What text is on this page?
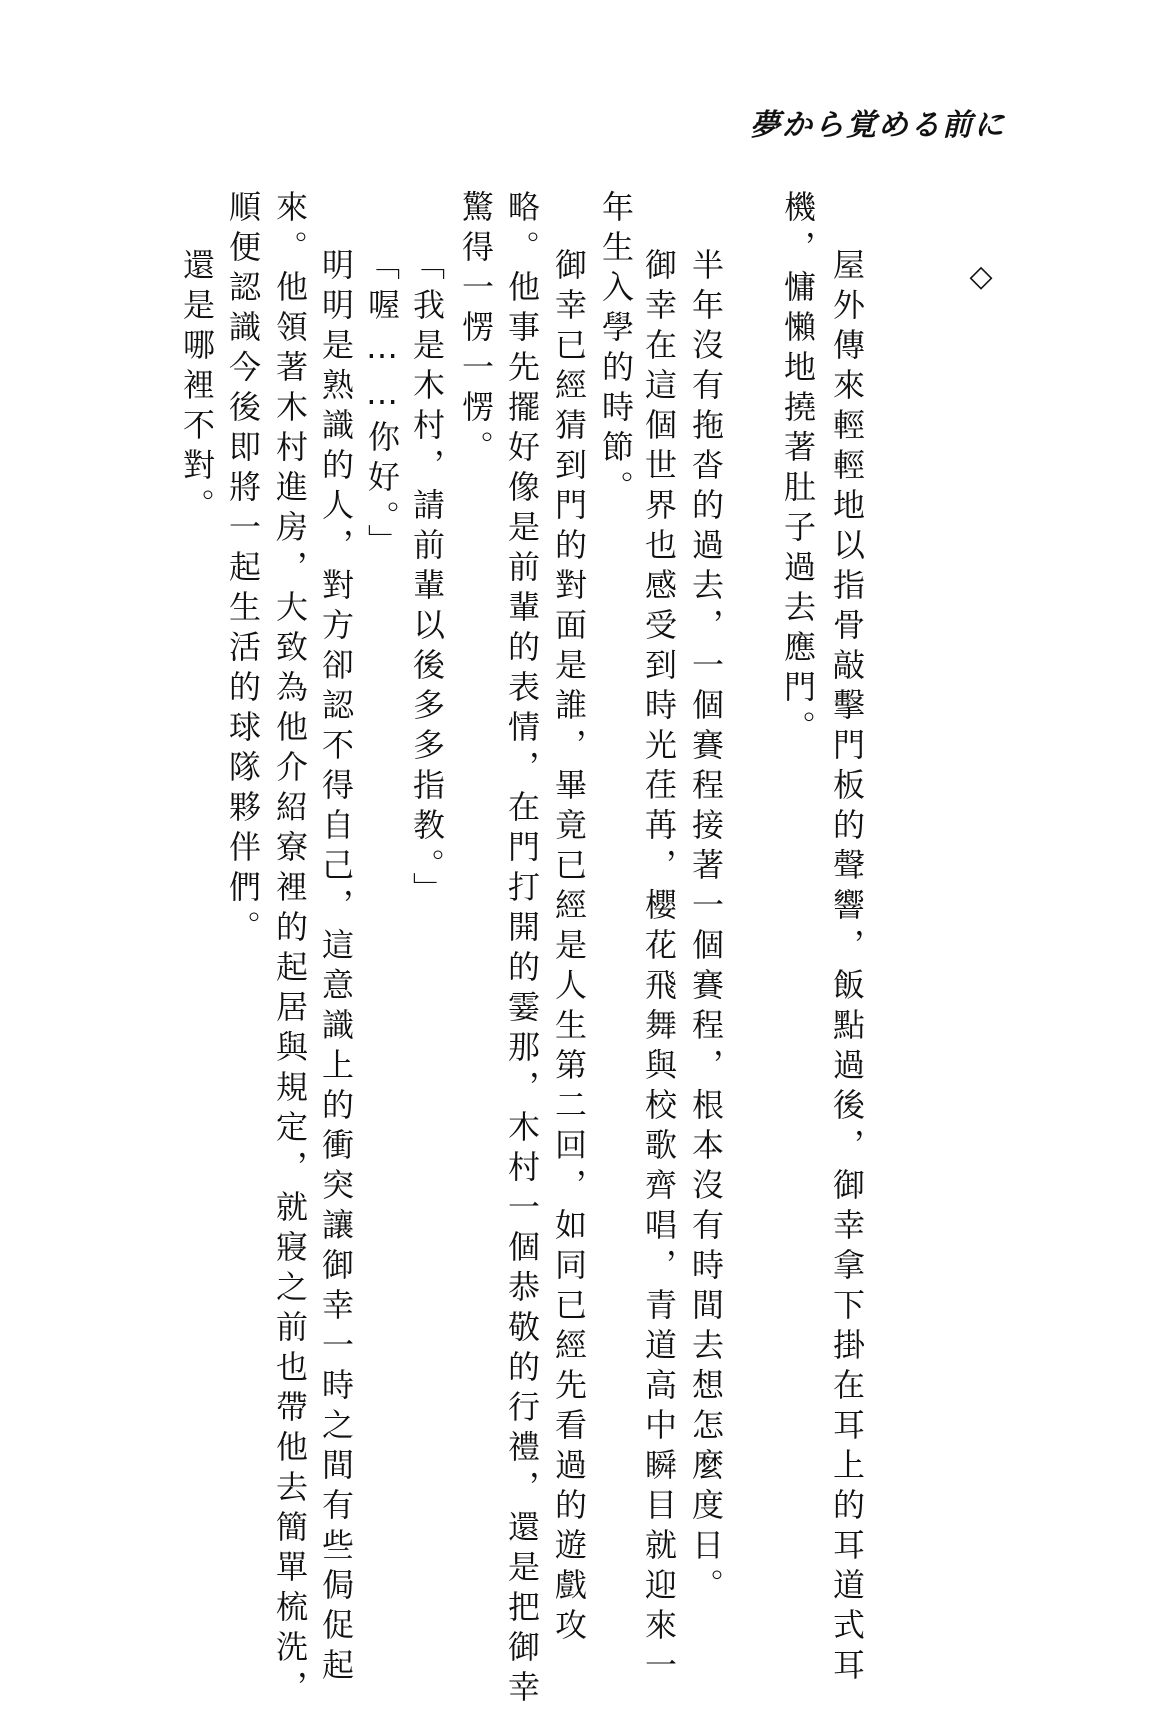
夢から覚める前に
◇
屋外傳來輕輕地以指骨敲擊門板的聲響，飯點過後，御幸拿下掛在耳上的耳道式耳
機，慵懶地撓著肚子過去應門。
半年沒有拖沓的過去，一個賽程接著一個賽程，根本沒有時間去想怎麼度日。
御幸在這個世界也感受到時光荏苒，櫻花飛舞與校歌齊唱，青道高中瞬目就迎來一
年生入學的時節。
御幸已經猜到門的對面是誰，畢竟已經是人生第二回，如同已經先看過的遊戲攻
略。他事先擺好像是前輩的表情，在門打開的霎那，木村一個恭敬的行禮，還是把御幸
驚得一愣一愣。
「我是木村，請前輩以後多多指教。」
「喔……你好。」
明明是熟識的人，對方卻認不得自己，這意識上的衝突讓御幸一時之間有些侷促起
來。他領著木村進房，大致為他介紹寮裡的起居與規定，就寢之前也帶他去簡單梳洗，
順便認識今後即將一起生活的球隊夥伴們。
還是哪裡不對。
